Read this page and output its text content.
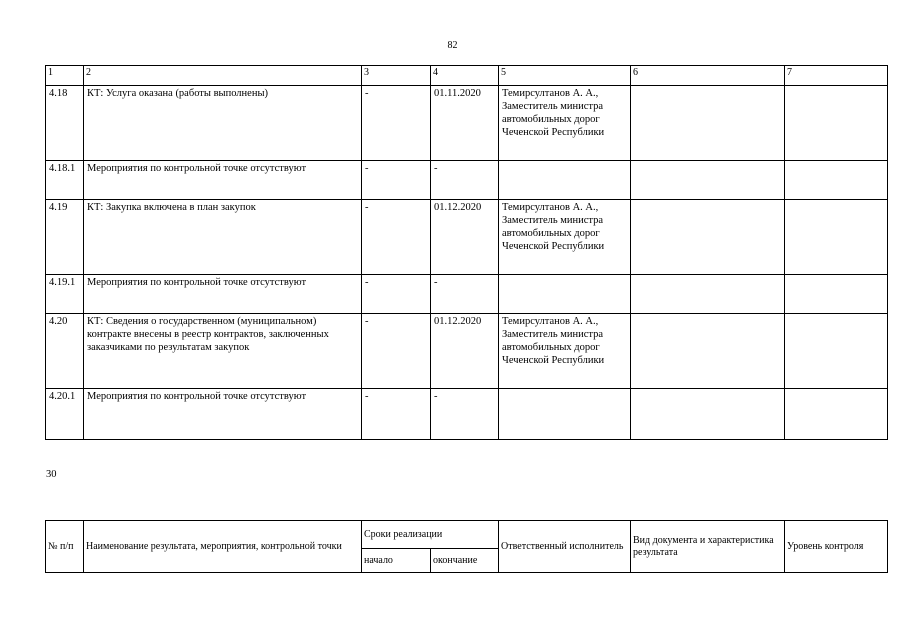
82
1	2	3	4	5	6	7
4.18	КТ: Услуга оказана (работы выполнены)	-	01.11.2020	Темирсултанов А. А., Заместитель министра автомобильных дорог Чеченской Республики		
4.18.1	Мероприятия по контрольной точке отсутствуют	-	-			
4.19	КТ: Закупка включена в план закупок	-	01.12.2020	Темирсултанов А. А., Заместитель министра автомобильных дорог Чеченской Республики		
4.19.1	Мероприятия по контрольной точке отсутствуют	-	-			
4.20	КТ: Сведения о государственном (муниципальном) контракте внесены в реестр контрактов, заключенных заказчиками по результатам закупок	-	01.12.2020	Темирсултанов А. А., Заместитель министра автомобильных дорог Чеченской Республики		
4.20.1	Мероприятия по контрольной точке отсутствуют	-	-			
30
№ п/п	Наименование результата, мероприятия, контрольной точки	Сроки реализации		Ответственный исполнитель	Вид документа и характеристика результата	Уровень контроля
		начало	окончание			
